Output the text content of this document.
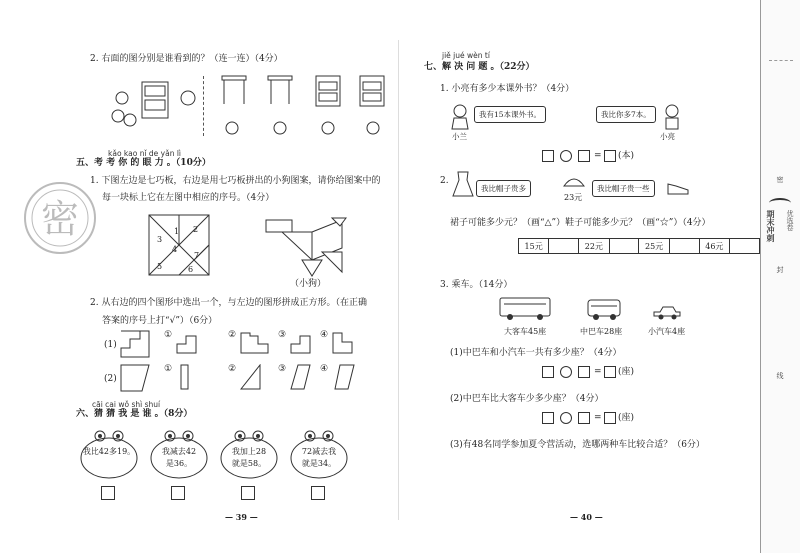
2. 右面的图分别是谁看到的？（连一连）（4分）
kǎo kao nǐ de yǎn lì
五、考 考 你 的 眼 力 。（10分）
1. 下图左边是七巧板，右边是用七巧板拼出的小狗图案，请你给图案中的
每一块标上它在左图中相应的序号。（4分）
3
1 2
4
5
7
6
（小狗）
2. 从右边的四个图形中选出一个，与左边的图形拼成正方形。（在正确
答案的序号上打“√”）（6分）
(1)
①	②	③	④
(2)
①	②	③	④
cāi cai wǒ shì shuí
六、猜 猜 我 是 谁 。（8分）
我比42多19。	我减去42
是36。
我加上28
就是58。
72减去我
就是34。
— 39 —
密
jiě jué wèn tí
七、解 决 问 题 。（22分）
1. 小亮有多少本课外书？（4分）
我有15本课外书。
小兰
我比你多7本。
小亮
= (本)
2.
我比帽子贵多
23元
我比帽子贵一些
裙子可能多少元？（画“△”）鞋子可能多少元？（画“☆”）（4分）
15元		22元		25元		46元	
3. 乘车。（14分）
大客车45座	中巴车28座	小汽车4座
(1)中巴车和小汽车一共有多少座？（4分）
= (座)
(2)中巴车比大客车少多少座？（4分）
= (座)
(3)有48名同学参加夏令营活动，选哪两种车比较合适？（6分）
— 40 —
密
封
线
期末冲刺 优选卷
